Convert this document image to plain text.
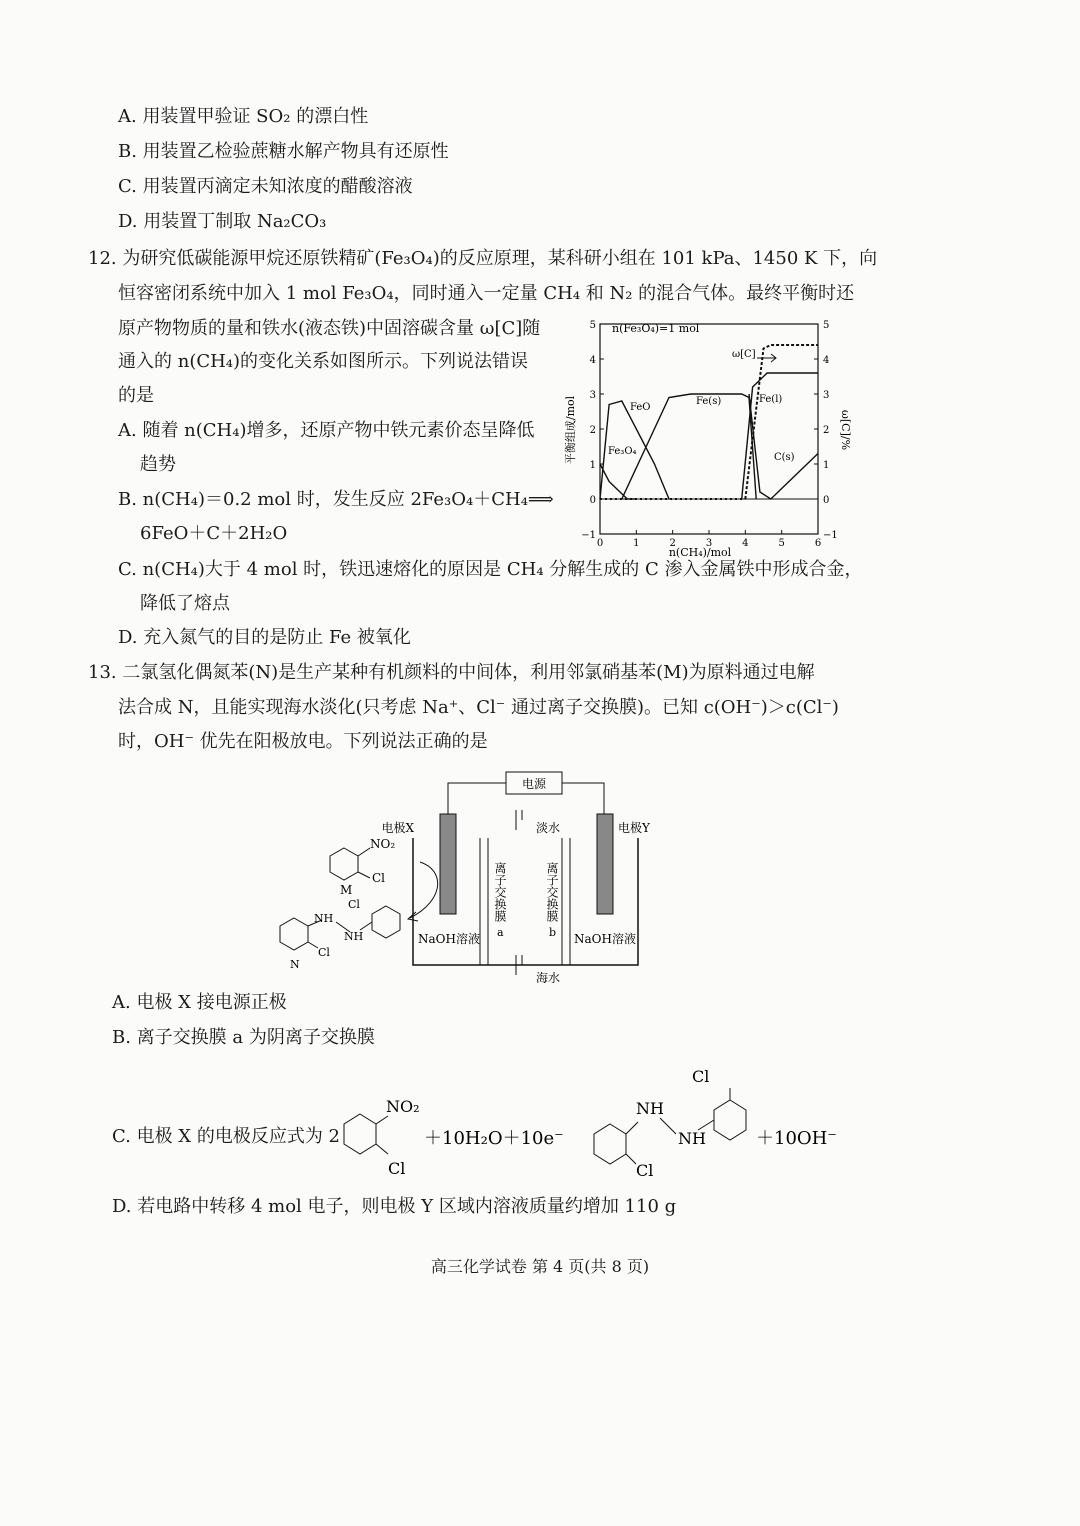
A. 用装置甲验证 SO₂ 的漂白性
B. 用装置乙检验蔗糖水解产物具有还原性
C. 用装置丙滴定未知浓度的醋酸溶液
D. 用装置丁制取 Na₂CO₃
12. 为研究低碳能源甲烷还原铁精矿(Fe₃O₄)的反应原理，某科研小组在 101 kPa、1450 K 下，向
恒容密闭系统中加入 1 mol Fe₃O₄，同时通入一定量 CH₄ 和 N₂ 的混合气体。最终平衡时还
原产物物质的量和铁水(液态铁)中固溶碳含量 ω[C]随
通入的 n(CH₄)的变化关系如图所示。下列说法错误
的是
A. 随着 n(CH₄)增多，还原产物中铁元素价态呈降低
趋势
B. n(CH₄)＝0.2 mol 时，发生反应 2Fe₃O₄＋CH₄⟹
6FeO＋C＋2H₂O
C. n(CH₄)大于 4 mol 时，铁迅速熔化的原因是 CH₄ 分解生成的 C 渗入金属铁中形成合金，
降低了熔点
D. 充入氮气的目的是防止 Fe 被氧化
0	1	2	3	4	5	6
5
4
3
2
1
0
−1
5
4
3
2
1
0
−1
n(Fe₃O₄)=1 mol
n(CH₄)/mol
平衡组成/mol	ω[C]/%
Fe₃O₄
FeO
Fe(s)	Fe(l)
C(s)
ω[C]
13. 二氯氢化偶氮苯(N)是生产某种有机颜料的中间体，利用邻氯硝基苯(M)为原料通过电解
法合成 N，且能实现海水淡化(只考虑 Na⁺、Cl⁻ 通过离子交换膜)。已知 c(OH⁻)＞c(Cl⁻)
时，OH⁻ 优先在阳极放电。下列说法正确的是
电源
电极X	电极Y
淡水
海水
离子交换膜
a
离子交换膜
b
NaOH溶液	NaOH溶液
NO₂
Cl
M
NH
NH
Cl
Cl
N
A. 电极 X 接电源正极
B. 离子交换膜 a 为阴离子交换膜
C. 电极 X 的电极反应式为 2
NO₂
Cl
＋10H₂O＋10e⁻
NH
NH
Cl
Cl
＋10OH⁻
D. 若电路中转移 4 mol 电子，则电极 Y 区域内溶液质量约增加 110 g
高三化学试卷 第 4 页(共 8 页)
